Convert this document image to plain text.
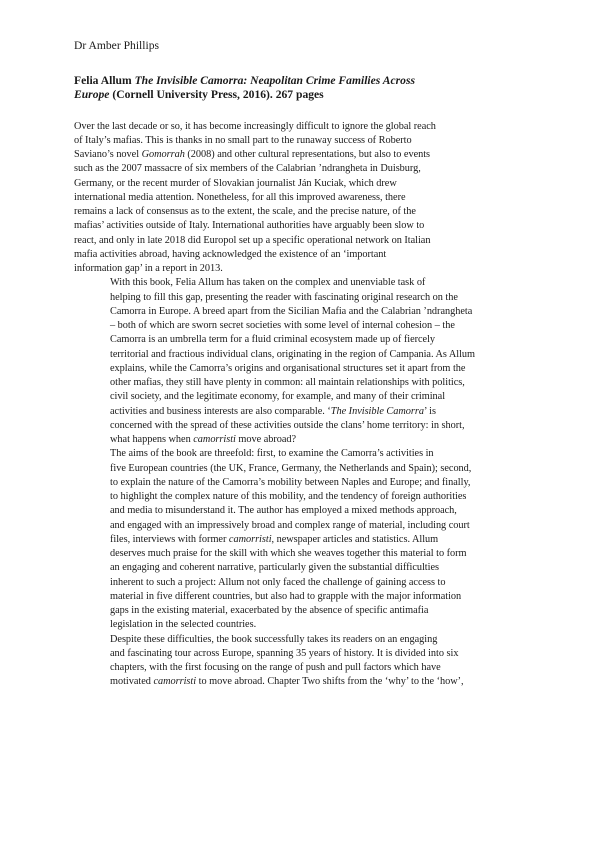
Dr Amber Phillips
Felia Allum The Invisible Camorra: Neapolitan Crime Families Across
Europe (Cornell University Press, 2016). 267 pages

Over the last decade or so, it has become increasingly difficult to ignore the global reach
of Italy’s mafias. This is thanks in no small part to the runaway success of Roberto
Saviano’s novel Gomorrah (2008) and other cultural representations, but also to events
such as the 2007 massacre of six members of the Calabrian ’ndrangheta in Duisburg,
Germany, or the recent murder of Slovakian journalist Ján Kuciak, which drew
international media attention. Nonetheless, for all this improved awareness, there
remains a lack of consensus as to the extent, the scale, and the precise nature, of the
mafias’ activities outside of Italy. International authorities have arguably been slow to
react, and only in late 2018 did Europol set up a specific operational network on Italian
mafia activities abroad, having acknowledged the existence of an ‘important
information gap’ in a report in 2013.

With this book, Felia Allum has taken on the complex and unenviable task of
helping to fill this gap, presenting the reader with fascinating original research on the
Camorra in Europe. A breed apart from the Sicilian Mafia and the Calabrian ’ndrangheta
– both of which are sworn secret societies with some level of internal cohesion – the
Camorra is an umbrella term for a fluid criminal ecosystem made up of fiercely
territorial and fractious individual clans, originating in the region of Campania. As Allum
explains, while the Camorra’s origins and organisational structures set it apart from the
other mafias, they still have plenty in common: all maintain relationships with politics,
civil society, and the legitimate economy, for example, and many of their criminal
activities and business interests are also comparable. ‘The Invisible Camorra’ is
concerned with the spread of these activities outside the clans’ home territory: in short,
what happens when camorristi move abroad?

The aims of the book are threefold: first, to examine the Camorra’s activities in
five European countries (the UK, France, Germany, the Netherlands and Spain); second,
to explain the nature of the Camorra’s mobility between Naples and Europe; and finally,
to highlight the complex nature of this mobility, and the tendency of foreign authorities
and media to misunderstand it. The author has employed a mixed methods approach,
and engaged with an impressively broad and complex range of material, including court
files, interviews with former camorristi, newspaper articles and statistics. Allum
deserves much praise for the skill with which she weaves together this material to form
an engaging and coherent narrative, particularly given the substantial difficulties
inherent to such a project: Allum not only faced the challenge of gaining access to
material in five different countries, but also had to grapple with the major information
gaps in the existing material, exacerbated by the absence of specific antimafia
legislation in the selected countries.

Despite these difficulties, the book successfully takes its readers on an engaging
and fascinating tour across Europe, spanning 35 years of history. It is divided into six
chapters, with the first focusing on the range of push and pull factors which have
motivated camorristi to move abroad. Chapter Two shifts from the ‘why’ to the ‘how’,
